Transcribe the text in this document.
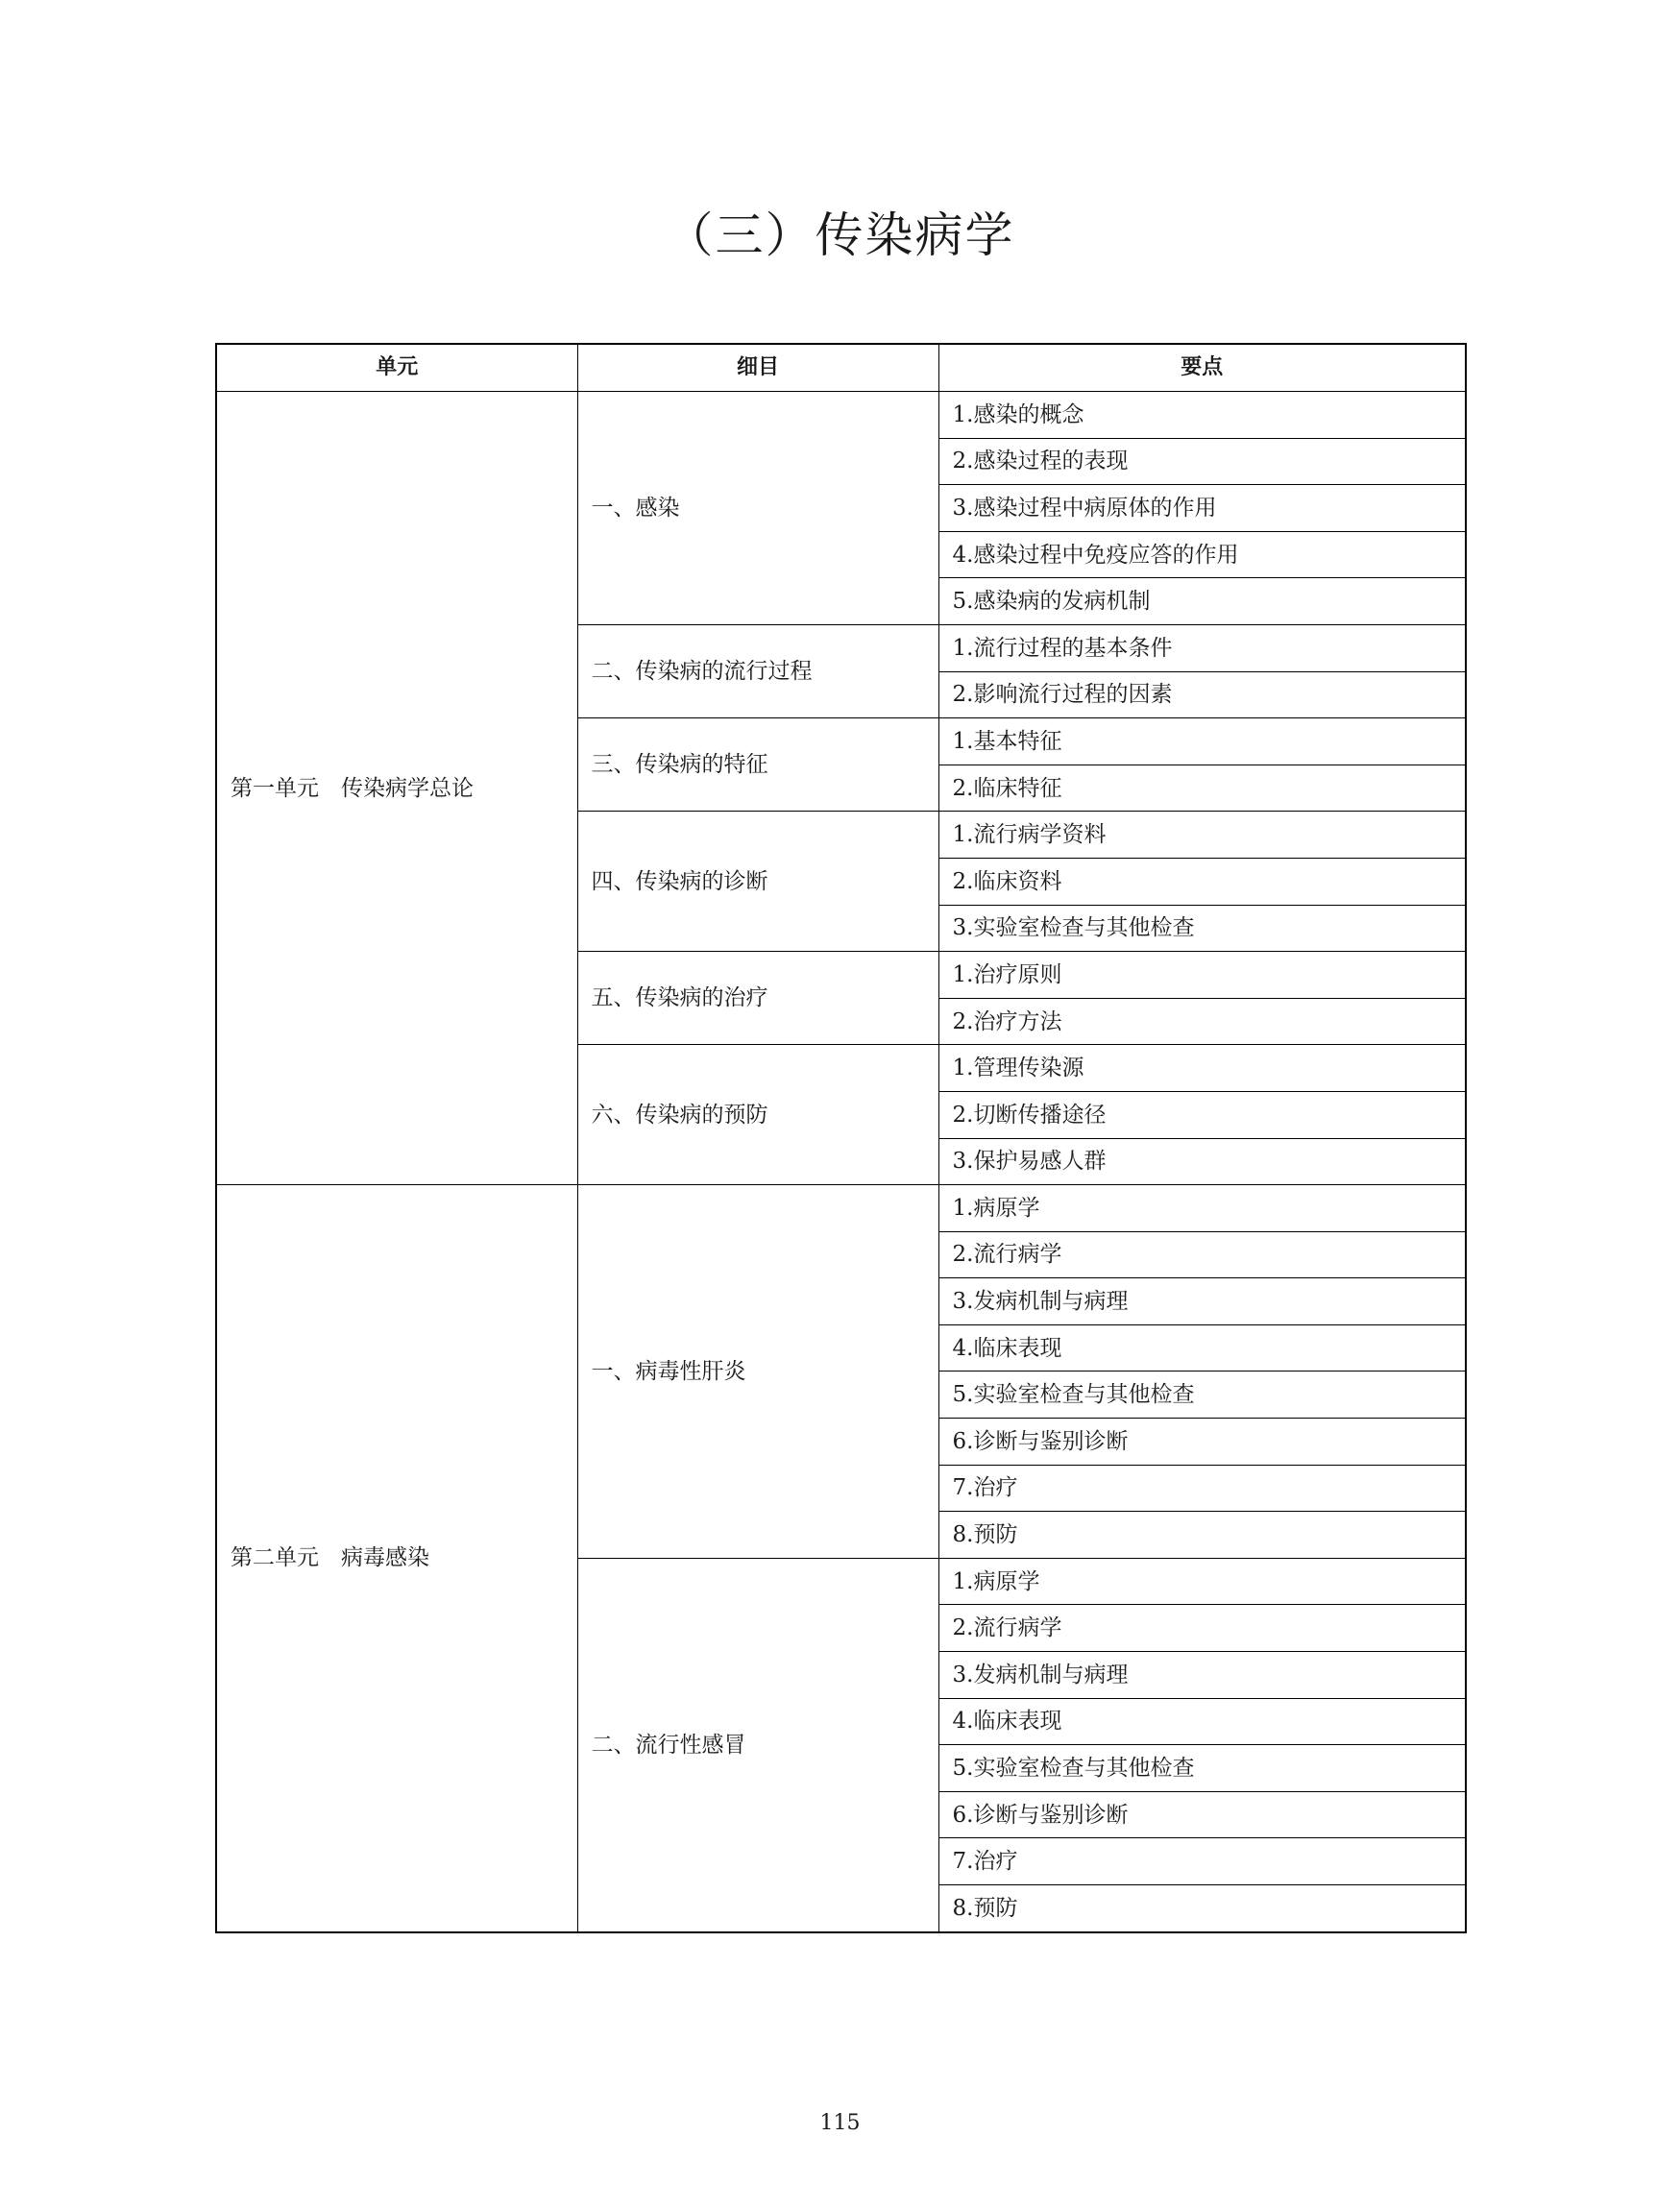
（三）传染病学
单元	细目	要点
第一单元　传染病学总论	一、感染	1.感染的概念
		2.感染过程的表现
		3.感染过程中病原体的作用
		4.感染过程中免疫应答的作用
		5.感染病的发病机制
	二、传染病的流行过程	1.流行过程的基本条件
		2.影响流行过程的因素
	三、传染病的特征	1.基本特征
		2.临床特征
	四、传染病的诊断	1.流行病学资料
		2.临床资料
		3.实验室检查与其他检查
	五、传染病的治疗	1.治疗原则
		2.治疗方法
	六、传染病的预防	1.管理传染源
		2.切断传播途径
		3.保护易感人群
第二单元　病毒感染	一、病毒性肝炎	1.病原学
		2.流行病学
		3.发病机制与病理
		4.临床表现
		5.实验室检查与其他检查
		6.诊断与鉴别诊断
		7.治疗
		8.预防
	二、流行性感冒	1.病原学
		2.流行病学
		3.发病机制与病理
		4.临床表现
		5.实验室检查与其他检查
		6.诊断与鉴别诊断
		7.治疗
		8.预防
115
